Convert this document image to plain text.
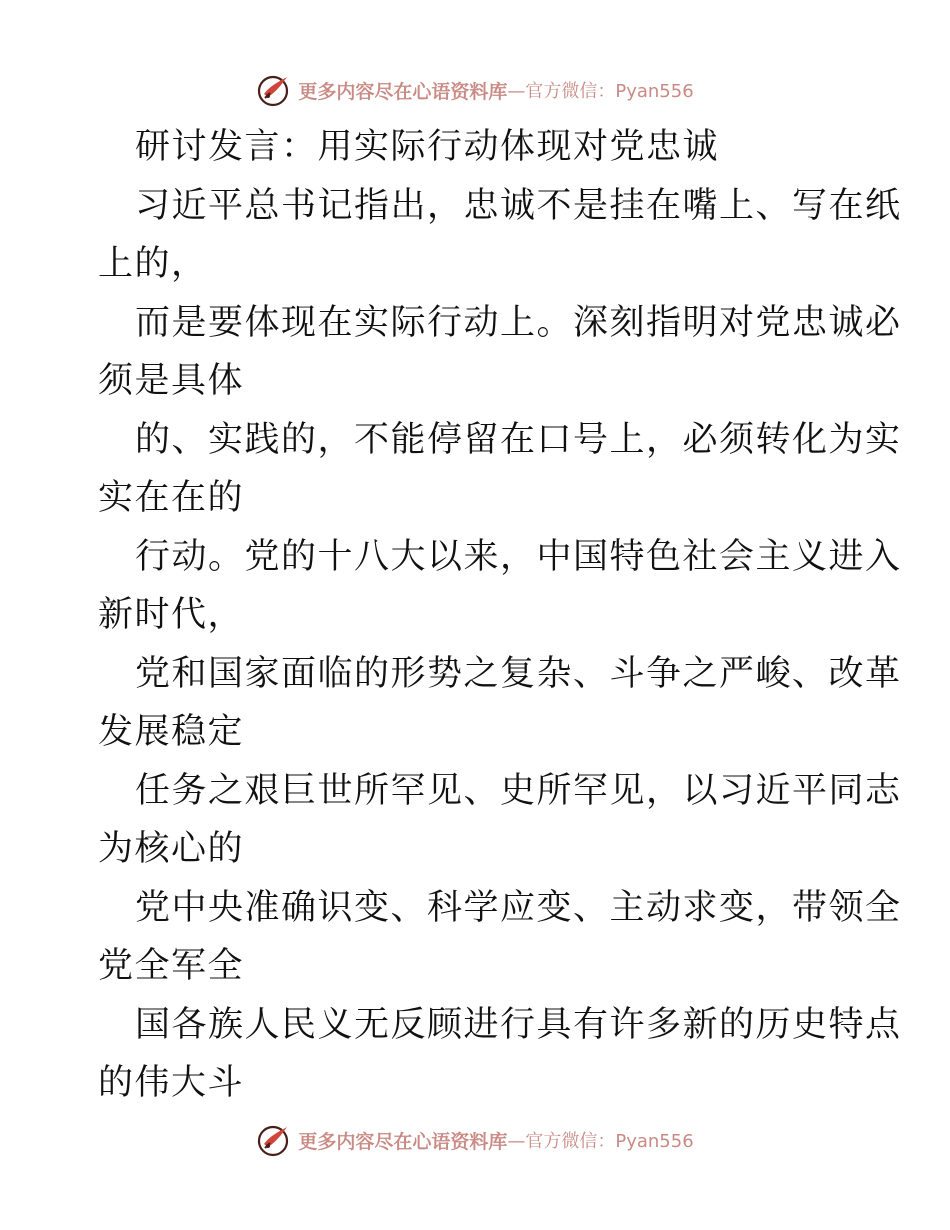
更多内容尽在心语资料库 —官方微信：Pyan556
研讨发言：用实际行动体现对党忠诚
习近平总书记指出，忠诚不是挂在嘴上、写在纸
上的，
而是要体现在实际行动上。深刻指明对党忠诚必
须是具体
的、实践的，不能停留在口号上，必须转化为实
实在在的
行动。党的十八大以来，中国特色社会主义进入
新时代，
党和国家面临的形势之复杂、斗争之严峻、改革
发展稳定
任务之艰巨世所罕见、史所罕见，以习近平同志
为核心的
党中央准确识变、科学应变、主动求变，带领全
党全军全
国各族人民义无反顾进行具有许多新的历史特点
的伟大斗
更多内容尽在心语资料库 —官方微信：Pyan556
